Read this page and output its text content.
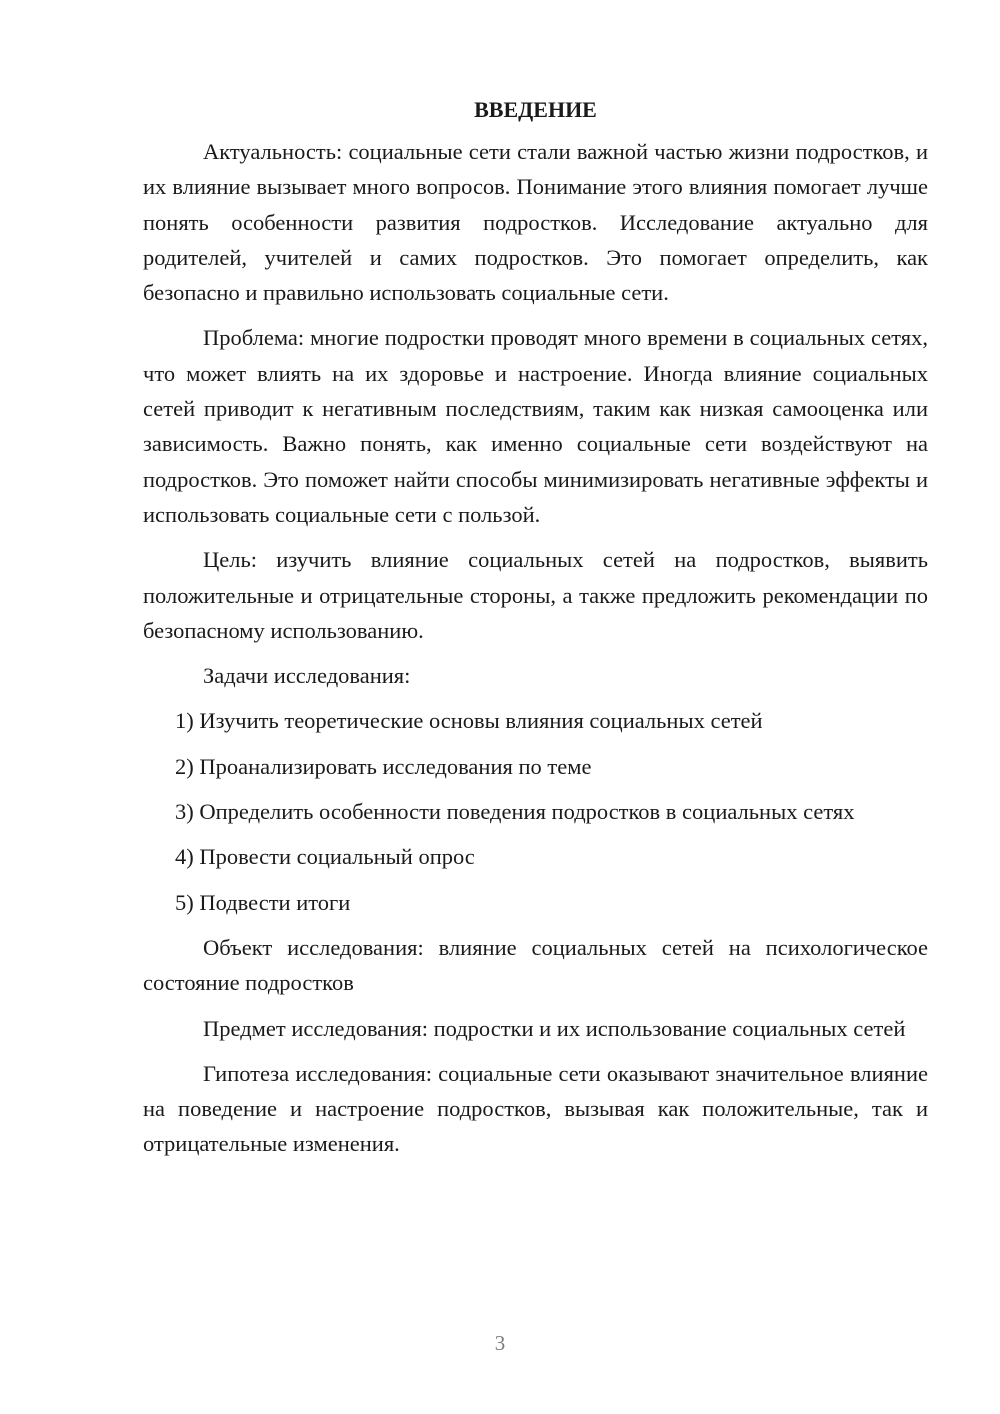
ВВЕДЕНИЕ

Актуальность: социальные сети стали важной частью жизни подростков, и их влияние вызывает много вопросов. Понимание этого влияния помогает лучше понять особенности развития подростков. Исследование актуально для родителей, учителей и самих подростков. Это помогает определить, как безопасно и правильно использовать социальные сети.

Проблема: многие подростки проводят много времени в социальных сетях, что может влиять на их здоровье и настроение. Иногда влияние социальных сетей приводит к негативным последствиям, таким как низкая самооценка или зависимость. Важно понять, как именно социальные сети воздействуют на подростков. Это поможет найти способы минимизировать негативные эффекты и использовать социальные сети с пользой.

Цель: изучить влияние социальных сетей на подростков, выявить положительные и отрицательные стороны, а также предложить рекомендации по безопасному использованию.

Задачи исследования:

1) Изучить теоретические основы влияния социальных сетей
2) Проанализировать исследования по теме
3) Определить особенности поведения подростков в социальных сетях
4) Провести социальный опрос
5) Подвести итоги

Объект исследования: влияние социальных сетей на психологическое состояние подростков

Предмет исследования: подростки и их использование социальных сетей

Гипотеза исследования: социальные сети оказывают значительное влияние на поведение и настроение подростков, вызывая как положительные, так и отрицательные изменения.

3
